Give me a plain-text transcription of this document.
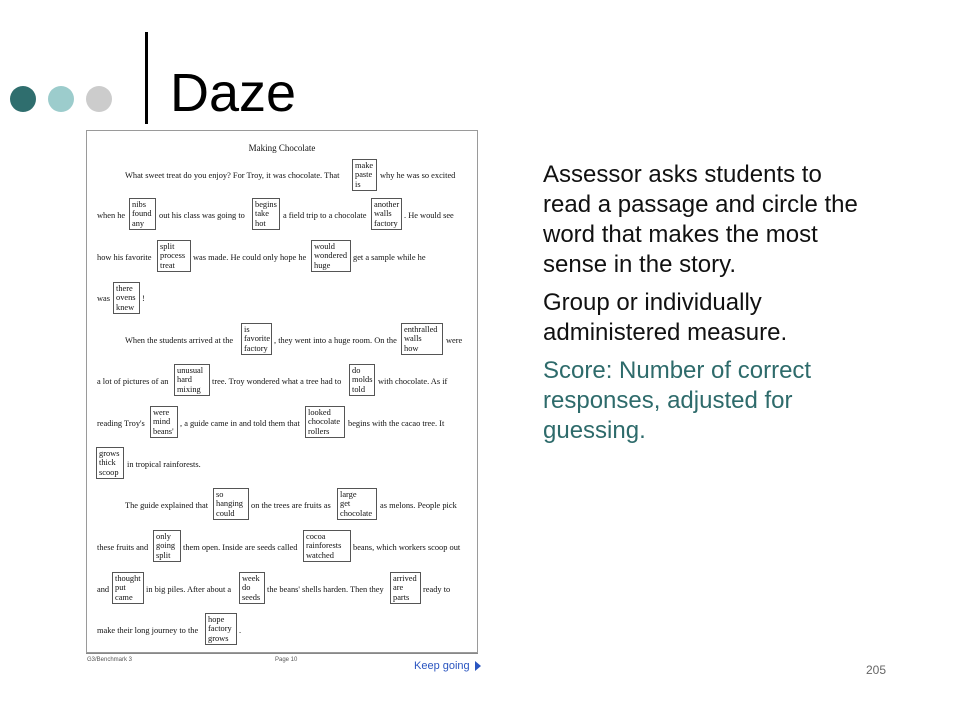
Daze
Making Chocolate
What sweet treat do you enjoy? For Troy, it was chocolate. That
make
paste
is
why he was so excited
when he
nibs
found
any
out his class was going to
begins
take
hot
a field trip to a chocolate
another
walls
factory
. He would see
how his favorite
split
process
treat
was made. He could only hope he
would
wondered
huge
get a sample while he
was
there
ovens
knew
!
When the students arrived at the
is
favorite
factory
, they went into a huge room. On the
enthralled
walls
how
were
a lot of pictures of an
unusual
hard
mixing
tree. Troy wondered what a tree had to
do
molds
told
with chocolate. As if
reading Troy's
were
mind
beans'
, a guide came in and told them that
looked
chocolate
rollers
begins with the cacao tree. It
grows
thick
scoop
in tropical rainforests.
The guide explained that
so
hanging
could
on the trees are fruits as
large
get
chocolate
as melons. People pick
these fruits and
only
going
split
them open. Inside are seeds called
cocoa
rainforests
watched
beans, which workers scoop out
and
thought
put
came
in big piles. After about a
week
do
seeds
the beans' shells harden. Then they
arrived
are
parts
ready to
make their long journey to the
hope
factory
grows
.
G3/Benchmark 3	Page 10	Keep going

Assessor asks students to read a passage and circle the word that makes the most sense in the story.

Group or individually administered measure.

Score: Number of correct responses, adjusted for guessing.

205
